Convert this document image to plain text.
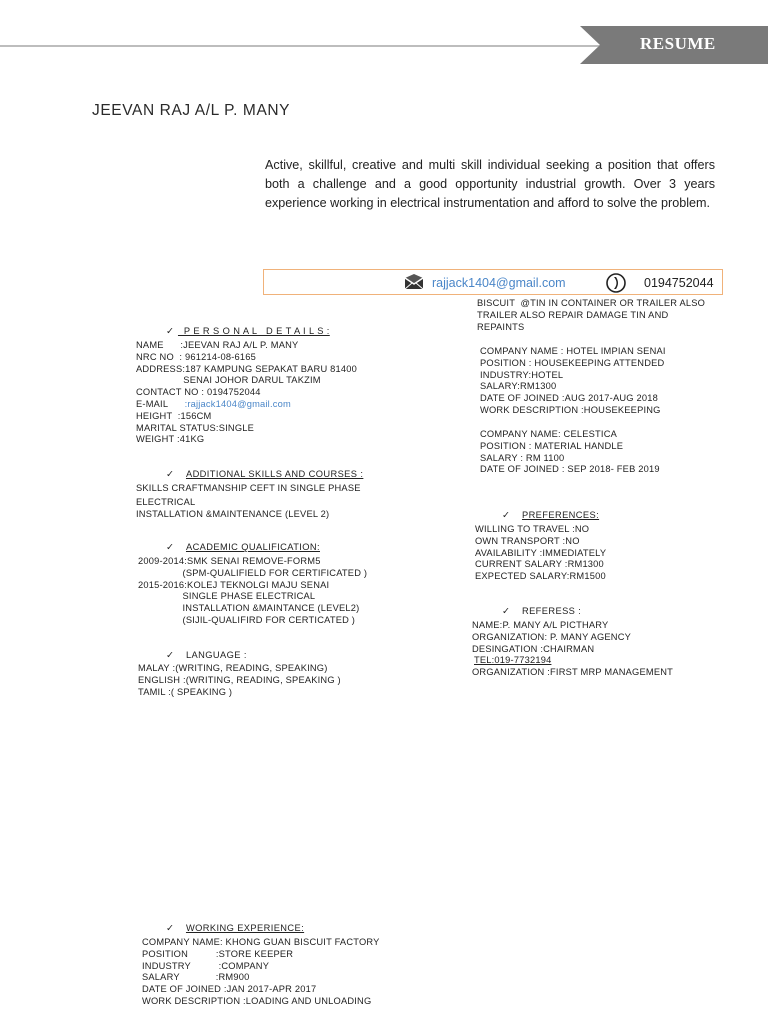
RESUME
JEEVAN RAJ A/L P. MANY
Active, skillful, creative and multi skill individual seeking a position that offers both a challenge and a good opportunity industrial growth. Over 3 years experience working in electrical instrumentation and afford to solve the problem.
rajjack1404@gmail.com	0194752044

✓  P E R S O N A L   D E T A I L S :

NAME      :JEEVAN RAJ A/L P. MANY
NRC NO  : 961214-08-6165
ADDRESS:187 KAMPUNG SEPAKAT BARU 81400
SENAI JOHOR DARUL TAKZIM
CONTACT NO : 0194752044
E-MAIL      :rajjack1404@gmail.com
HEIGHT  :156CM
MARITAL STATUS:SINGLE
WEIGHT :41KG

✓ ADDITIONAL SKILLS AND COURSES :

SKILLS CRAFTMANSHIP CEFT IN SINGLE PHASE
ELECTRICAL
INSTALLATION &MAINTENANCE (LEVEL 2)

✓ ACADEMIC QUALIFICATION:

2009-2014:SMK SENAI REMOVE-FORM5
(SPM-QUALIFIELD FOR CERTIFICATED )
2015-2016:KOLEJ TEKNOLGI MAJU SENAI
SINGLE PHASE ELECTRICAL
INSTALLATION &MAINTANCE (LEVEL2)
(SIJIL-QUALIFIRD FOR CERTICATED )

✓ LANGUAGE :

MALAY :(WRITING, READING, SPEAKING)
ENGLISH :(WRITING, READING, SPEAKING )
TAMIL :( SPEAKING )

✓ WORKING EXPERIENCE:

COMPANY NAME: KHONG GUAN BISCUIT FACTORY
POSITION          :STORE KEEPER
INDUSTRY          :COMPANY
SALARY             :RM900
DATE OF JOINED :JAN 2017-APR 2017
WORK DESCRIPTION :LOADING AND UNLOADING
BISCUIT  @TIN IN CONTAINER OR TRAILER ALSO
TRAILER ALSO REPAIR DAMAGE TIN AND
REPAINTS
COMPANY NAME : HOTEL IMPIAN SENAI
POSITION : HOUSEKEEPING ATTENDED
INDUSTRY:HOTEL
SALARY:RM1300
DATE OF JOINED :AUG 2017-AUG 2018
WORK DESCRIPTION :HOUSEKEEPING
COMPANY NAME: CELESTICA
POSITION : MATERIAL HANDLE
SALARY : RM 1100
DATE OF JOINED : SEP 2018- FEB 2019

✓ PREFERENCES:

WILLING TO TRAVEL :NO
OWN TRANSPORT :NO
AVAILABILITY :IMMEDIATELY
CURRENT SALARY :RM1300
EXPECTED SALARY:RM1500

✓ REFERESS :

NAME:P. MANY A/L PICTHARY
ORGANIZATION: P. MANY AGENCY
DESINGATION :CHAIRMAN
TEL:019-7732194
ORGANIZATION :FIRST MRP MANAGEMENT
